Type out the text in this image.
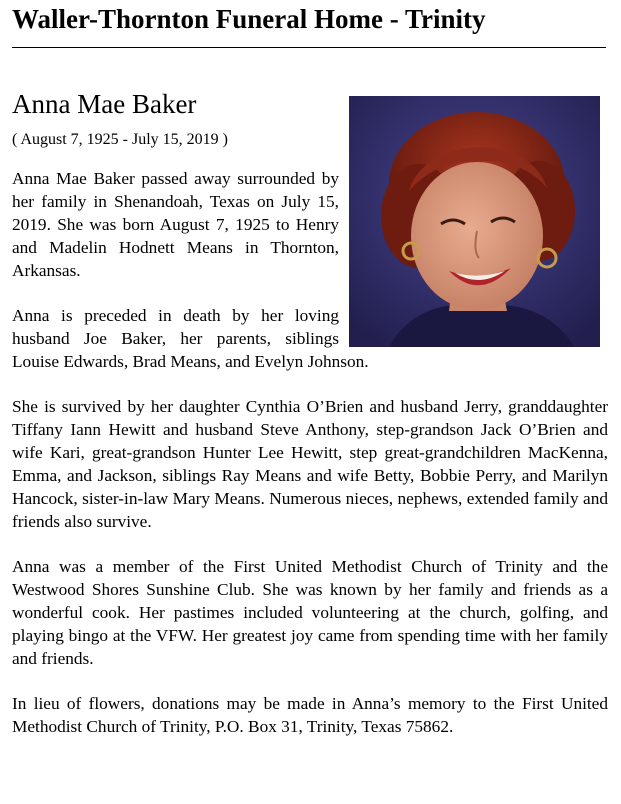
Waller-Thornton Funeral Home - Trinity
Anna Mae Baker
( August 7, 1925 - July 15, 2019 )

Anna Mae Baker passed away surrounded by her family in Shenandoah, Texas on July 15, 2019. She was born August 7, 1925 to Henry and Madelin Hodnett Means in Thornton, Arkansas.

Anna is preceded in death by her loving husband Joe Baker, her parents, siblings Louise Edwards, Brad Means, and Evelyn Johnson.

She is survived by her daughter Cynthia O’Brien and husband Jerry, granddaughter Tiffany Iann Hewitt and husband Steve Anthony, step-grandson Jack O’Brien and wife Kari, great-grandson Hunter Lee Hewitt, step great-grandchildren MacKenna, Emma, and Jackson, siblings Ray Means and wife Betty, Bobbie Perry, and Marilyn Hancock, sister-in-law Mary Means. Numerous nieces, nephews, extended family and friends also survive.

Anna was a member of the First United Methodist Church of Trinity and the Westwood Shores Sunshine Club. She was known by her family and friends as a wonderful cook. Her pastimes included volunteering at the church, golfing, and playing bingo at the VFW. Her greatest joy came from spending time with her family and friends.

In lieu of flowers, donations may be made in Anna’s memory to the First United Methodist Church of Trinity, P.O. Box 31, Trinity, Texas 75862.
